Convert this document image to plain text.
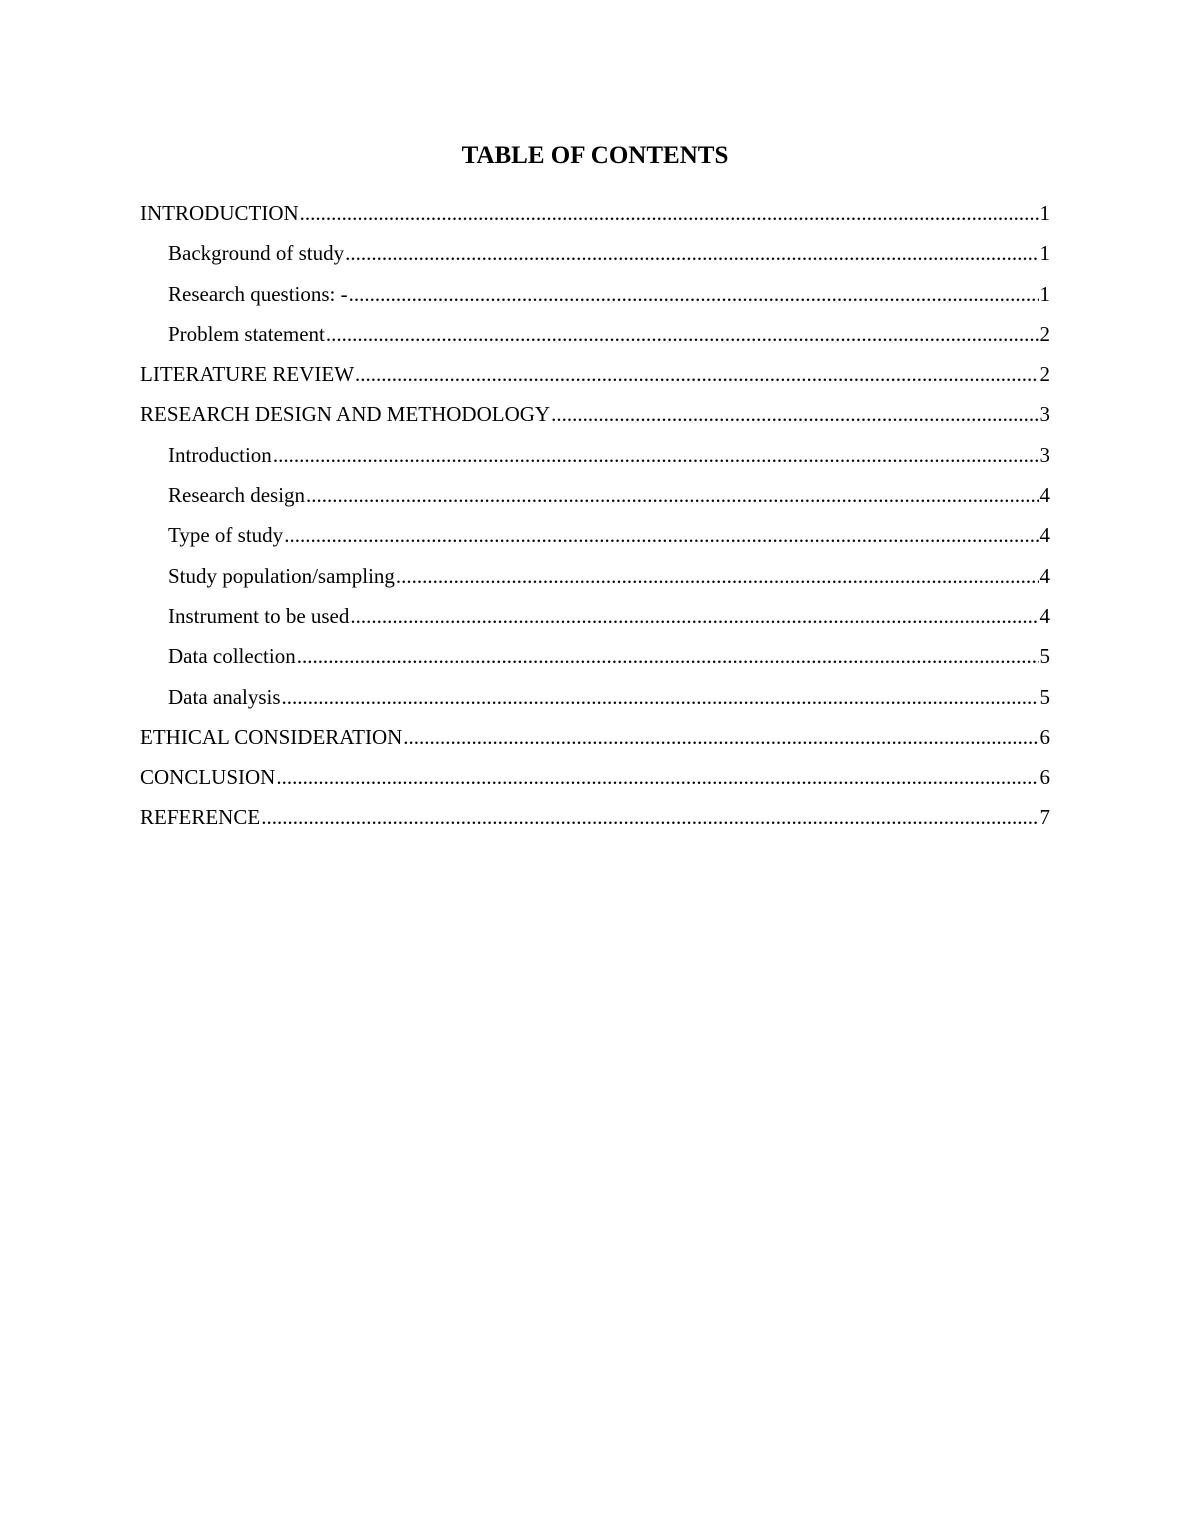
TABLE OF CONTENTS
INTRODUCTION .....	1
Background of study .....	1
Research questions: - .....	1
Problem statement .....	2
LITERATURE REVIEW .....	2
RESEARCH DESIGN AND METHODOLOGY .....	3
Introduction .....	3
Research design .....	4
Type of study .....	4
Study population/sampling .....	4
Instrument to be used .....	4
Data collection .....	5
Data analysis .....	5
ETHICAL CONSIDERATION .....	6
CONCLUSION .....	6
REFERENCE .....	7
